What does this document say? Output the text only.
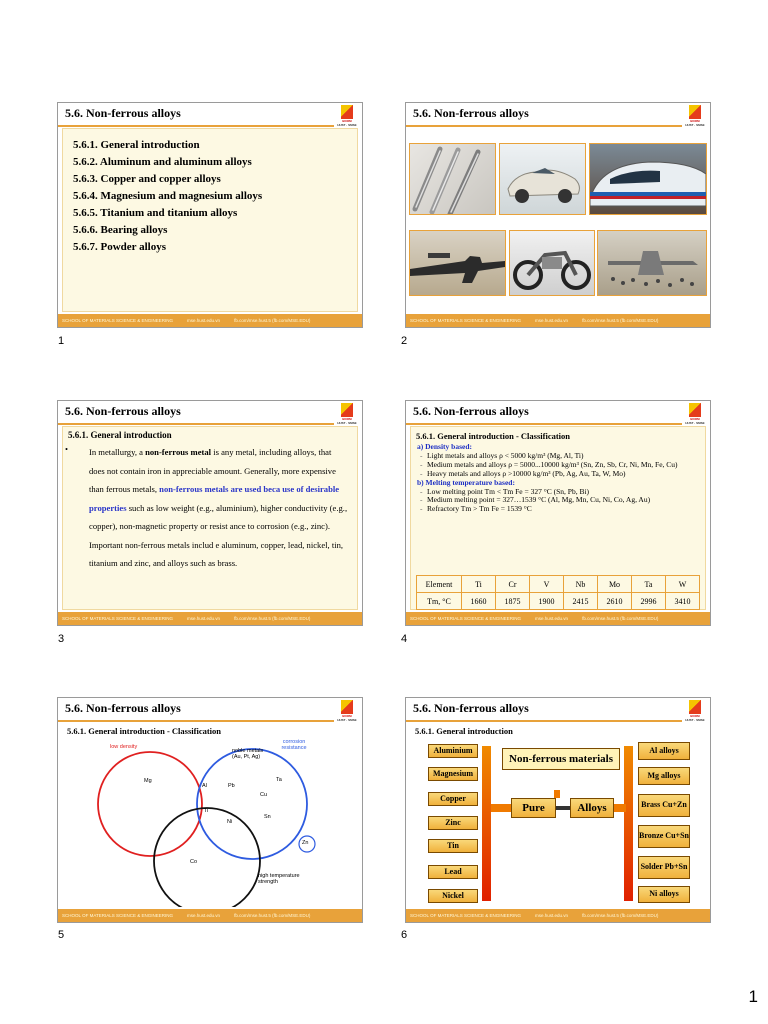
5.6. Non-ferrous alloys
BOOM
HUST · SMSE
5.6.1. General introduction
5.6.2. Aluminum and aluminum alloys
5.6.3. Copper and copper alloys
5.6.4. Magnesium and magnesium alloys
5.6.5. Titanium and titanium alloys
5.6.6. Bearing alloys
5.6.7. Powder alloys
SCHOOL OF MATERIALS SCIENCE & ENGINEERING	mse.hust.edu.vn	fb.com/mse.hust.5 (fb.com/MSE.EDU)
1
5.6. Non-ferrous alloys
BOOM
HUST · SMSE
SCHOOL OF MATERIALS SCIENCE & ENGINEERING	mse.hust.edu.vn	fb.com/mse.hust.5 (fb.com/MSE.EDU)
2
5.6. Non-ferrous alloys
BOOM
HUST · SMSE
5.6.1. General introduction
•	In metallurgy, a non-ferrous metal is any metal, including alloys, that does not contain iron in appreciable amount. Generally, more expensive than ferrous metals, non-ferrous metals are used beca use of desirable properties such as low weight (e.g., aluminium), higher conductivity (e.g., copper), non-magnetic property or resist ance to corrosion (e.g., zinc). Important non-ferrous metals includ e aluminum, copper, lead, nickel, tin, titanium and zinc, and alloys such as brass.
SCHOOL OF MATERIALS SCIENCE & ENGINEERING	mse.hust.edu.vn	fb.com/mse.hust.5 (fb.com/MSE.EDU)
3
5.6. Non-ferrous alloys
BOOM
HUST · SMSE
5.6.1. General introduction - Classification
a) Density based:
- Light metals and alloys ρ < 5000 kg/m³ (Mg, Al, Ti)
- Medium metals and alloys ρ = 5000...10000 kg/m³ (Sn, Zn, Sb, Cr, Ni, Mn, Fe, Cu)
- Heavy metals and alloys ρ >10000 kg/m³ (Pb, Ag, Au, Ta, W, Mo)
b) Melting temperature based:
- Low melting point Tm < Tm Fe = 327 °C (Sn, Pb, Bi)
- Medium melting point = 327…1539 °C (Al, Mg, Mn, Cu, Ni, Co, Ag, Au)
- Refractory Tm > Tm Fe = 1539 °C
Element	Ti	Cr	V	Nb	Mo	Ta	W
Tm, °C	1660	1875	1900	2415	2610	2996	3410
SCHOOL OF MATERIALS SCIENCE & ENGINEERING	mse.hust.edu.vn	fb.com/mse.hust.5 (fb.com/MSE.EDU)
4
5.6. Non-ferrous alloys
BOOM
HUST · SMSE
5.6.1. General introduction - Classification
low density
corrosion resistance
noble metals (Au, Pt, Ag)
high temperature strength
Mg
Al	Pb
Cu
Ta
Ti
Ni
Sn
Zn
Co
SCHOOL OF MATERIALS SCIENCE & ENGINEERING	mse.hust.edu.vn	fb.com/mse.hust.5 (fb.com/MSE.EDU)
5
5.6. Non-ferrous alloys
BOOM
HUST · SMSE
5.6.1. General introduction
Aluminium
Magnesium
Copper
Zinc
Tin
Lead
Nickel
Non-ferrous materials
Pure	Alloys
Al alloys
Mg alloys
Brass Cu+Zn
Bronze Cu+Sn
Solder Pb+Sn
Ni alloys
SCHOOL OF MATERIALS SCIENCE & ENGINEERING	mse.hust.edu.vn	fb.com/mse.hust.5 (fb.com/MSE.EDU)
6
1
